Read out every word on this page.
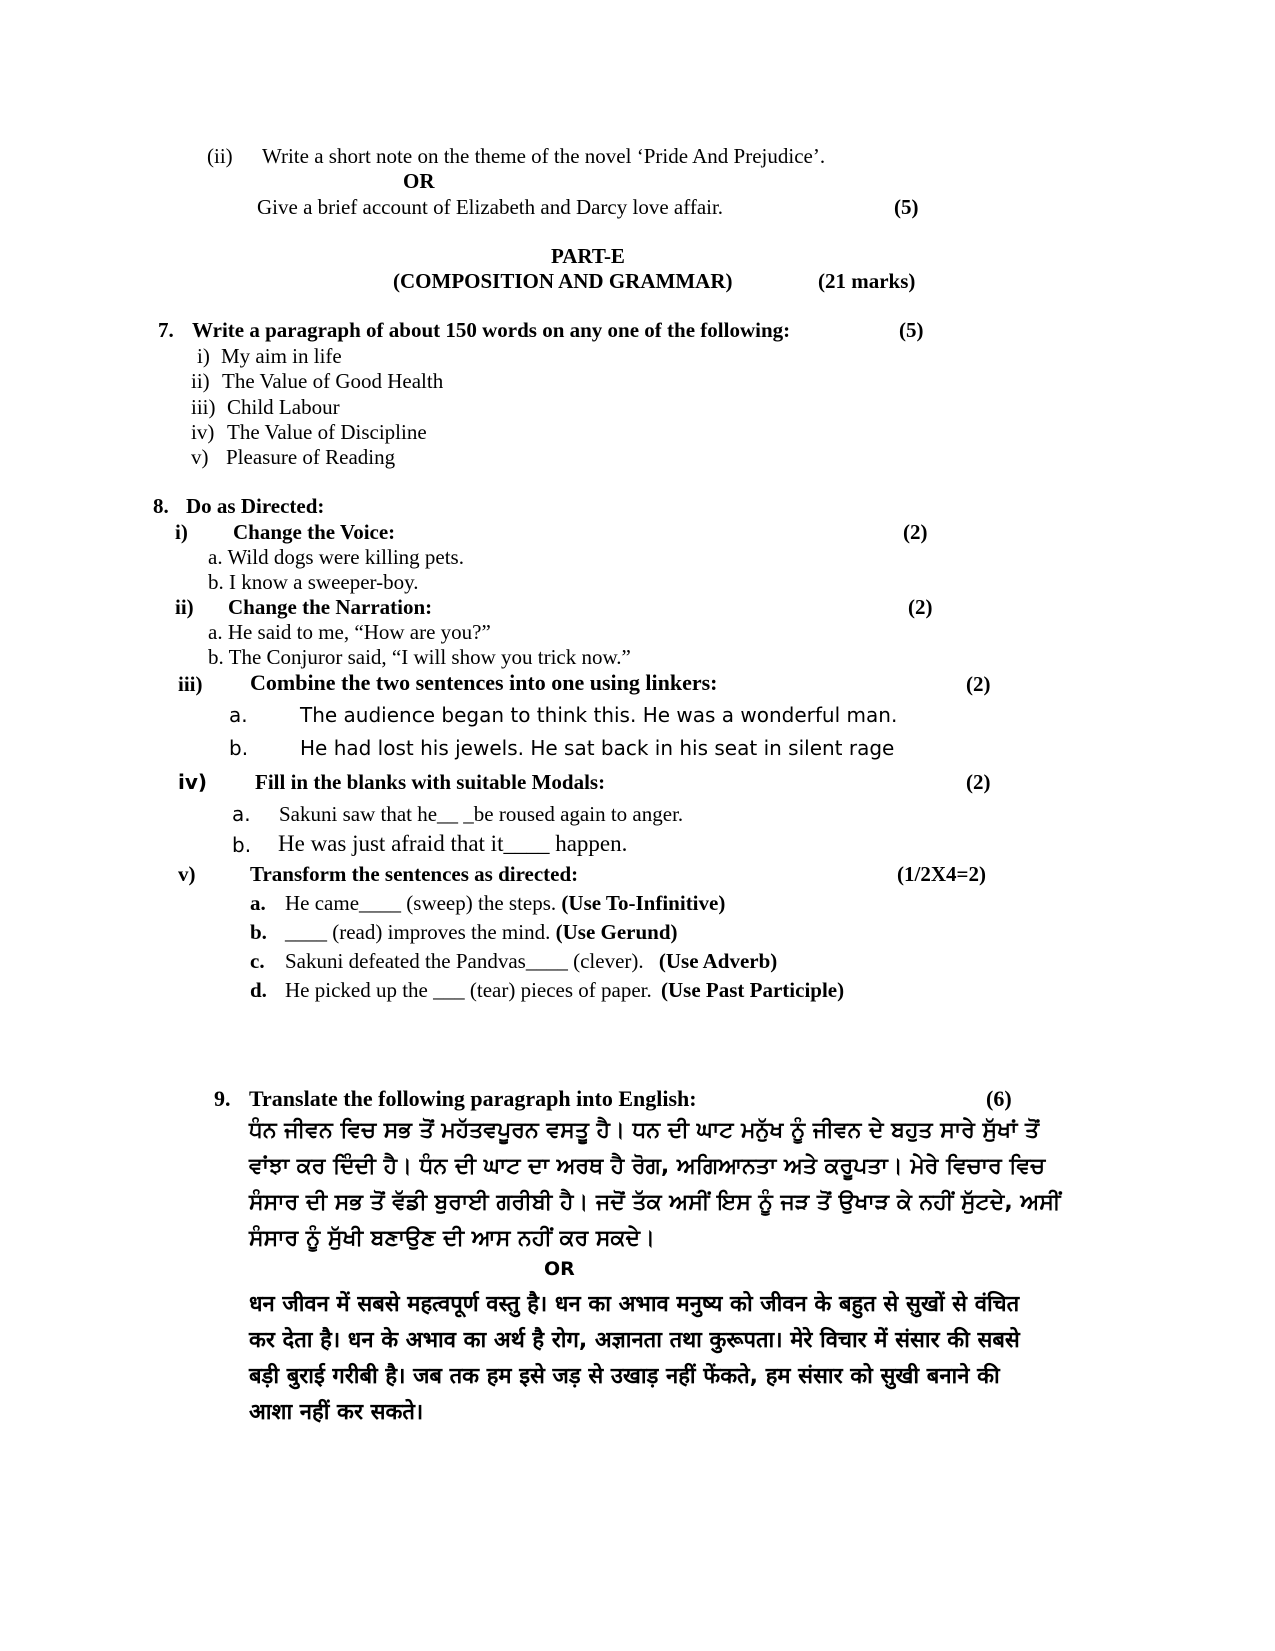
(ii) Write a short note on the theme of the novel ‘Pride And Prejudice’.
OR
Give a brief account of Elizabeth and Darcy love affair.	(5)
PART-E
(COMPOSITION AND GRAMMAR)	(21 marks)
7. Write a paragraph of about 150 words on any one of the following:	(5)
i) My aim in life
ii) The Value of Good Health
iii) Child Labour
iv) The Value of Discipline
v) Pleasure of Reading
8. Do as Directed:
i) Change the Voice:	(2)
a. Wild dogs were killing pets.
b. I know a sweeper-boy.
ii) Change the Narration:	(2)
a. He said to me, “How are you?”
b. The Conjuror said, “I will show you trick now.”
iii) Combine the two sentences into one using linkers:	(2)
a.	The audience began to think this. He was a wonderful man.
b.	He had lost his jewels. He sat back in his seat in silent rage
iv) Fill in the blanks with suitable Modals:	(2)
a. Sakuni saw that he__ _be roused again to anger.
b. He was just afraid that it____ happen.
v)	Transform the sentences as directed:	(1/2X4=2)
a. He came____ (sweep) the steps. (Use To-Infinitive)
b. ____ (read) improves the mind. (Use Gerund)
c. Sakuni defeated the Pandvas____ (clever). (Use Adverb)
d. He picked up the ___ (tear) pieces of paper. (Use Past Participle)
9. Translate the following paragraph into English:	(6)
ਧੰਨ ਜੀਵਨ ਵਿਚ ਸਭ ਤੋਂ ਮਹੱਤਵਪੂਰਨ ਵਸਤੂ ਹੈ। ਧਨ ਦੀ ਘਾਟ ਮਨੁੱਖ ਨੂੰ ਜੀਵਨ ਦੇ ਬਹੁਤ ਸਾਰੇ ਸੁੱਖਾਂ ਤੋਂ
ਵਾਂਝਾ ਕਰ ਦਿੰਦੀ ਹੈ। ਧੰਨ ਦੀ ਘਾਟ ਦਾ ਅਰਥ ਹੈ ਰੋਗ, ਅਗਿਆਨਤਾ ਅਤੇ ਕਰੂਪਤਾ। ਮੇਰੇ ਵਿਚਾਰ ਵਿਚ
ਸੰਸਾਰ ਦੀ ਸਭ ਤੋਂ ਵੱਡੀ ਬੁਰਾਈ ਗਰੀਬੀ ਹੈ। ਜਦੋਂ ਤੱਕ ਅਸੀਂ ਇਸ ਨੂੰ ਜੜ ਤੋਂ ਉਖਾੜ ਕੇ ਨਹੀਂ ਸੁੱਟਦੇ, ਅਸੀਂ
ਸੰਸਾਰ ਨੂੰ ਸੁੱਖੀ ਬਣਾਉਣ ਦੀ ਆਸ ਨਹੀਂ ਕਰ ਸਕਦੇ।
OR
धन जीवन में सबसे महत्वपूर्ण वस्तु है। धन का अभाव मनुष्य को जीवन के बहुत से सुखों से वंचित
कर देता है। धन के अभाव का अर्थ है रोग, अज्ञानता तथा कुरूपता। मेरे विचार में संसार की सबसे
बड़ी बुराई गरीबी है। जब तक हम इसे जड़ से उखाड़ नहीं फेंकते, हम संसार को सुखी बनाने की
आशा नहीं कर सकते।
